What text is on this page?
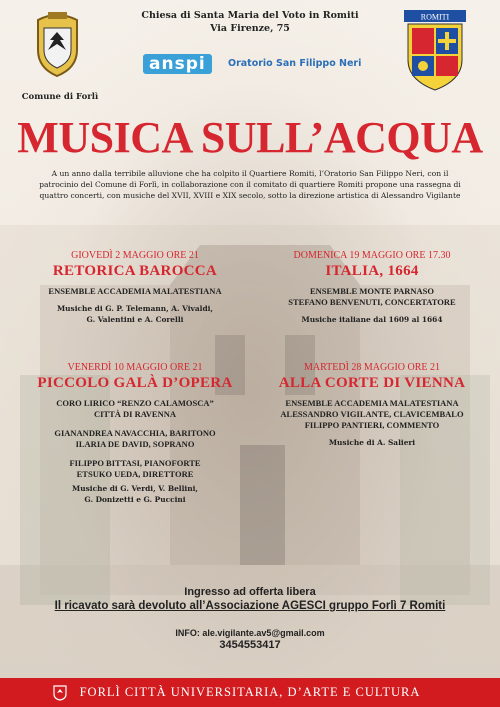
Comune di Forlì
Chiesa di Santa Maria del Voto in Romiti
Via Firenze, 75
anspi	Oratorio San Filippo Neri
ROMITI
MUSICA SULL’ACQUA
A un anno dalla terribile alluvione che ha colpito il Quartiere Romiti, l’Oratorio San Filippo Neri, con il patrocinio del Comune di Forlì, in collaborazione con il comitato di quartiere Romiti propone una rassegna di quattro concerti, con musiche del XVII, XVIII e XIX secolo, sotto la direzione artistica di Alessandro Vigilante
GIOVEDÌ 2 MAGGIO ORE 21
RETORICA BAROCCA
ENSEMBLE ACCADEMIA MALATESTIANA
Musiche di G. P. Telemann, A. Vivaldi,
G. Valentini e A. Corelli
DOMENICA 19 MAGGIO ORE 17.30
ITALIA, 1664
ENSEMBLE MONTE PARNASO
STEFANO BENVENUTI, CONCERTATORE
Musiche italiane dal 1609 al 1664
VENERDÌ 10 MAGGIO ORE 21
PICCOLO GALÀ D’OPERA
CORO LIRICO “RENZO CALAMOSCA”
CITTÀ DI RAVENNA
GIANANDREA NAVACCHIA, BARITONO
ILARIA DE DAVID, SOPRANO
FILIPPO BITTASI, PIANOFORTE
ETSUKO UEDA, DIRETTORE
Musiche di G. Verdi, V. Bellini,
G. Donizetti e G. Puccini
MARTEDÌ 28 MAGGIO ORE 21
ALLA CORTE DI VIENNA
ENSEMBLE ACCADEMIA MALATESTIANA
ALESSANDRO VIGILANTE, CLAVICEMBALO
FILIPPO PANTIERI, COMMENTO
Musiche di A. Salieri
Ingresso ad offerta libera
Il ricavato sarà devoluto all’Associazione AGESCI gruppo Forlì 7 Romiti
INFO: ale.vigilante.av5@gmail.com
3454553417
FORLÌ CITTÀ UNIVERSITARIA, D’ARTE E CULTURA
